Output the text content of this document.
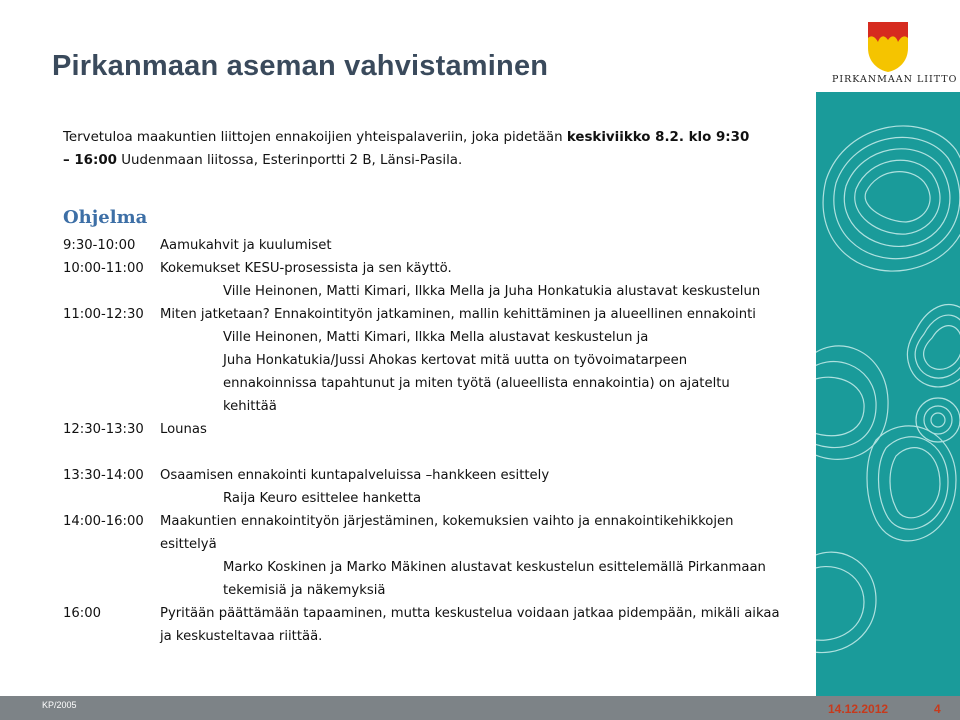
Pirkanmaan aseman vahvistaminen
Tervetuloa maakuntien liittojen ennakoijien yhteispalaveriin, joka pidetään keskiviikko 8.2. klo 9:30 – 16:00 Uudenmaan liitossa, Esterinportti 2 B, Länsi-Pasila.
Ohjelma
9:30-10:00	Aamukahvit ja kuulumiset
10:00-11:00	Kokemukset KESU-prosessista ja sen käyttö.
Ville Heinonen, Matti Kimari, Ilkka Mella ja Juha Honkatukia alustavat keskustelun
11:00-12:30	Miten jatketaan? Ennakointityön jatkaminen, mallin kehittäminen ja alueellinen ennakointi
Ville Heinonen, Matti Kimari, Ilkka Mella alustavat keskustelun ja
Juha Honkatukia/Jussi Ahokas kertovat mitä uutta on työvoimatarpeen
ennakoinnissa tapahtunut ja miten työtä (alueellista ennakointia) on ajateltu
kehittää
12:30-13:30	Lounas
13:30-14:00	Osaamisen ennakointi kuntapalveluissa –hankkeen esittely
Raija Keuro esittelee hanketta
14:00-16:00	Maakuntien ennakointityön järjestäminen, kokemuksien vaihto ja ennakointikehikkojen esittelyä
Marko Koskinen ja Marko Mäkinen alustavat keskustelun esittelemällä Pirkanmaan
tekemisiä ja näkemyksiä
16:00	Pyritään päättämään tapaaminen, mutta keskustelua voidaan jatkaa pidempään, mikäli aikaa ja keskusteltavaa riittää.
PIRKANMAAN LIITTO
KP/2005	14.12.2012	4
